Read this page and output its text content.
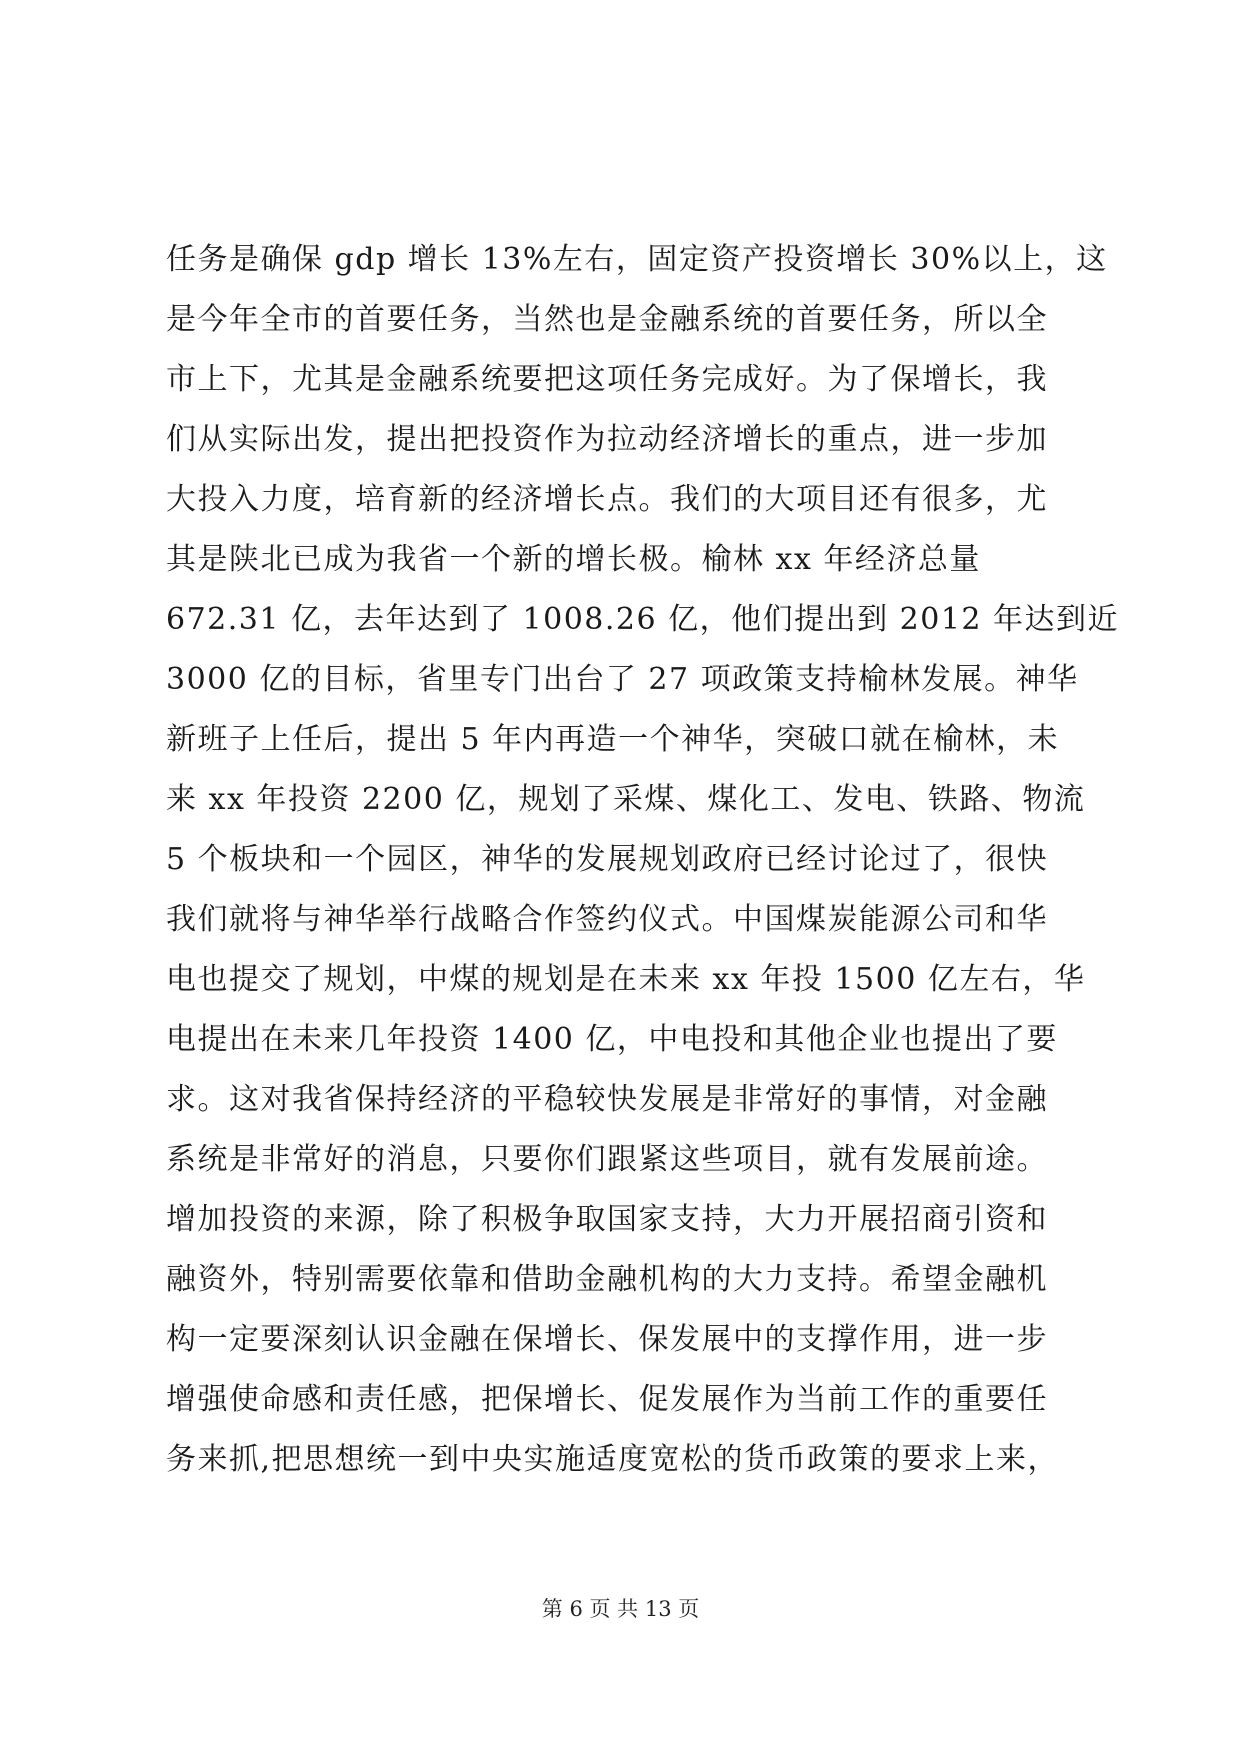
任务是确保 gdp 增长 13%左右，固定资产投资增长 30%以上，这
是今年全市的首要任务，当然也是金融系统的首要任务，所以全
市上下，尤其是金融系统要把这项任务完成好。为了保增长，我
们从实际出发，提出把投资作为拉动经济增长的重点，进一步加
大投入力度，培育新的经济增长点。我们的大项目还有很多，尤
其是陕北已成为我省一个新的增长极。榆林 xx 年经济总量
672.31 亿，去年达到了 1008.26 亿，他们提出到 2012 年达到近
3000 亿的目标，省里专门出台了 27 项政策支持榆林发展。神华
新班子上任后，提出 5 年内再造一个神华，突破口就在榆林，未
来 xx 年投资 2200 亿，规划了采煤、煤化工、发电、铁路、物流
5 个板块和一个园区，神华的发展规划政府已经讨论过了，很快
我们就将与神华举行战略合作签约仪式。中国煤炭能源公司和华
电也提交了规划，中煤的规划是在未来 xx 年投 1500 亿左右，华
电提出在未来几年投资 1400 亿，中电投和其他企业也提出了要
求。这对我省保持经济的平稳较快发展是非常好的事情，对金融
系统是非常好的消息，只要你们跟紧这些项目，就有发展前途。
增加投资的来源，除了积极争取国家支持，大力开展招商引资和
融资外，特别需要依靠和借助金融机构的大力支持。希望金融机
构一定要深刻认识金融在保增长、保发展中的支撑作用，进一步
增强使命感和责任感，把保增长、促发展作为当前工作的重要任
务来抓,把思想统一到中央实施适度宽松的货币政策的要求上来，
第 6 页 共 13 页
